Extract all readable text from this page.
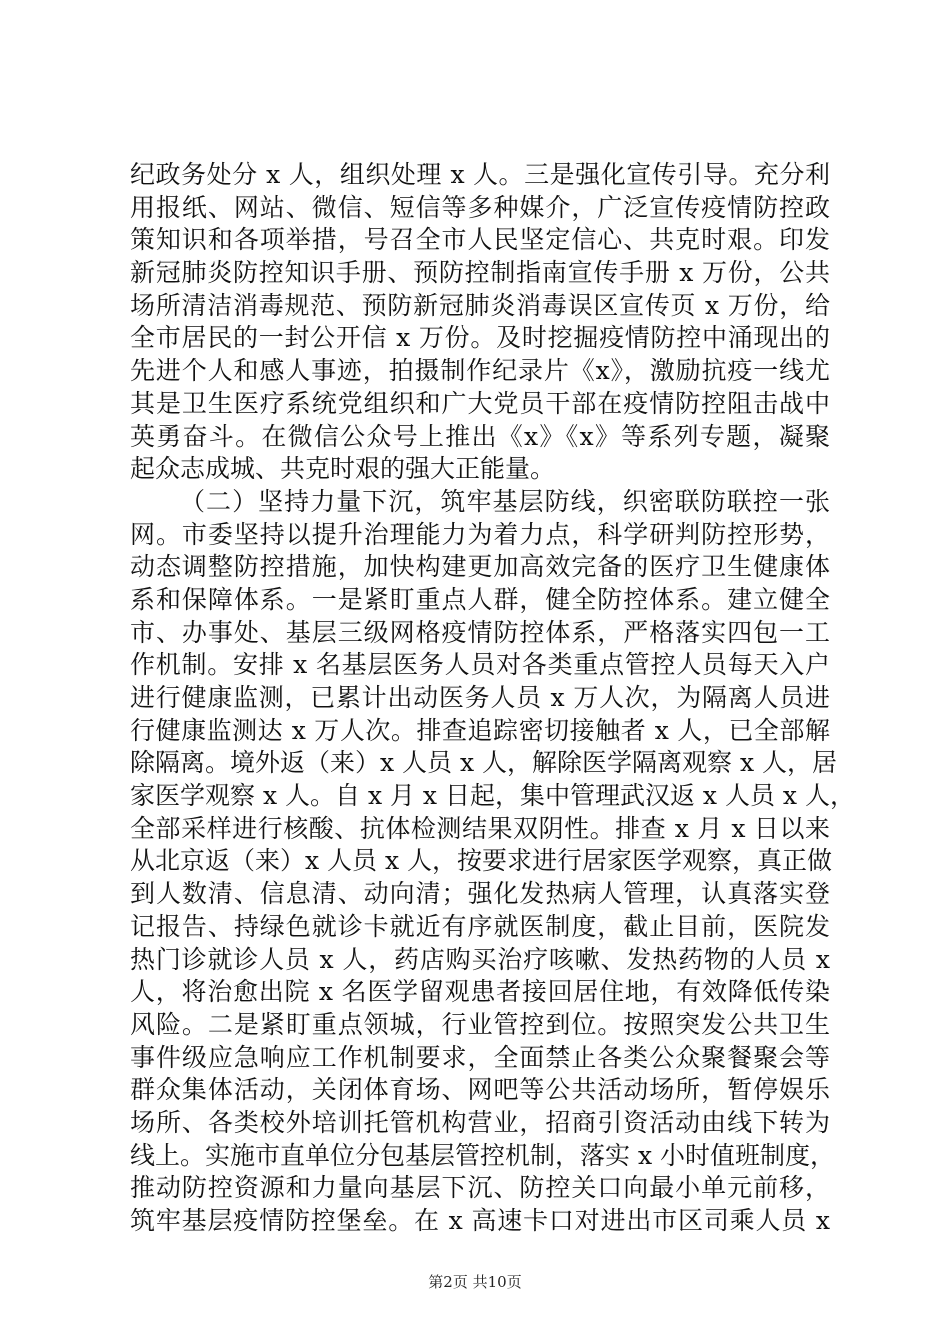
纪政务处分 x 人，组织处理 x 人。三是强化宣传引导。充分利
用报纸、网站、微信、短信等多种媒介，广泛宣传疫情防控政
策知识和各项举措，号召全市人民坚定信心、共克时艰。印发
新冠肺炎防控知识手册、预防控制指南宣传手册 x 万份，公共
场所清洁消毒规范、预防新冠肺炎消毒误区宣传页 x 万份，给
全市居民的一封公开信 x 万份。及时挖掘疫情防控中涌现出的
先进个人和感人事迹，拍摄制作纪录片《x》，激励抗疫一线尤
其是卫生医疗系统党组织和广大党员干部在疫情防控阻击战中
英勇奋斗。在微信公众号上推出《x》《x》等系列专题，凝聚
起众志成城、共克时艰的强大正能量。
（二）坚持力量下沉，筑牢基层防线，织密联防联控一张
网。市委坚持以提升治理能力为着力点，科学研判防控形势，
动态调整防控措施，加快构建更加高效完备的医疗卫生健康体
系和保障体系。一是紧盯重点人群，健全防控体系。建立健全
市、办事处、基层三级网格疫情防控体系，严格落实四包一工
作机制。安排 x 名基层医务人员对各类重点管控人员每天入户
进行健康监测，已累计出动医务人员 x 万人次，为隔离人员进
行健康监测达 x 万人次。排查追踪密切接触者 x 人，已全部解
除隔离。境外返（来）x 人员 x 人，解除医学隔离观察 x 人，居
家医学观察 x 人。自 x 月 x 日起，集中管理武汉返 x 人员 x 人，
全部采样进行核酸、抗体检测结果双阴性。排查 x 月 x 日以来
从北京返（来）x 人员 x 人，按要求进行居家医学观察，真正做
到人数清、信息清、动向清；强化发热病人管理，认真落实登
记报告、持绿色就诊卡就近有序就医制度，截止目前，医院发
热门诊就诊人员 x 人，药店购买治疗咳嗽、发热药物的人员 x
人，将治愈出院 x 名医学留观患者接回居住地，有效降低传染
风险。二是紧盯重点领城，行业管控到位。按照突发公共卫生
事件级应急响应工作机制要求，全面禁止各类公众聚餐聚会等
群众集体活动，关闭体育场、网吧等公共活动场所，暂停娱乐
场所、各类校外培训托管机构营业，招商引资活动由线下转为
线上。实施市直单位分包基层管控机制，落实 x 小时值班制度，
推动防控资源和力量向基层下沉、防控关口向最小单元前移，
筑牢基层疫情防控堡垒。在 x 高速卡口对进出市区司乘人员 x
第2页 共10页
